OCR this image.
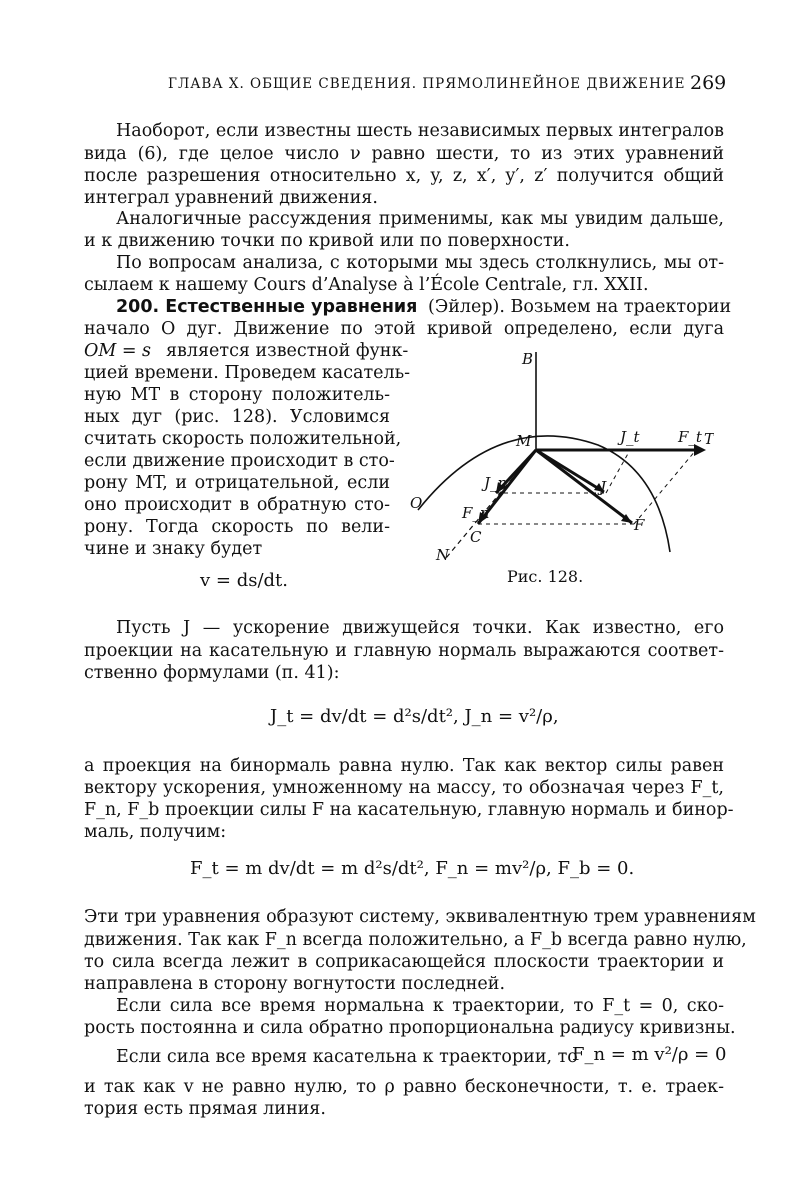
ГЛАВА X. ОБЩИЕ СВЕДЕНИЯ. ПРЯМОЛИНЕЙНОЕ ДВИЖЕНИЕ 269
Наоборот, если известны шесть независимых первых интегралов
вида (6), где целое число ν равно шести, то из этих уравнений
после разрешения относительно x, y, z, x′, y′, z′ получится общий
интеграл уравнений движения.
Аналогичные рассуждения применимы, как мы увидим дальше,
и к движению точки по кривой или по поверхности.
По вопросам анализа, с которыми мы здесь столкнулись, мы от-
сылаем к нашему Cours d’Analyse à l’École Centrale, гл. XXII.
200. Естественные уравнения (Эйлер). Возьмем на траектории
начало O дуг. Движение по этой кривой определено, если дуга
OM = s является известной функ-
цией времени. Проведем касатель-
ную MT в сторону положитель-
ных дуг (рис. 128). Условимся
считать скорость положительной,
если движение происходит в сто-
рону MT, и отрицательной, если
оно происходит в обратную сто-
рону. Тогда скорость по вели-
чине и знаку будет
v = ds/dt.
B
M	J_t	F_t T
J_n	J
F_n
F
C
O
N
Рис. 128.
Пусть J — ускорение движущейся точки. Как известно, его
проекции на касательную и главную нормаль выражаются соответ-
ственно формулами (п. 41):
J_t = dv/dt = d²s/dt², J_n = v²/ρ,
а проекция на бинормаль равна нулю. Так как вектор силы равен
вектору ускорения, умноженному на массу, то обозначая через F_t,
F_n, F_b проекции силы F на касательную, главную нормаль и бинор-
маль, получим:
F_t = m dv/dt = m d²s/dt², F_n = mv²/ρ, F_b = 0.
Эти три уравнения образуют систему, эквивалентную трем уравнениям
движения. Так как F_n всегда положительно, а F_b всегда равно нулю,
то сила всегда лежит в соприкасающейся плоскости траектории и
направлена в сторону вогнутости последней.
Если сила все время нормальна к траектории, то F_t = 0, ско-
рость постоянна и сила обратно пропорциональна радиусу кривизны.
Если сила все время касательна к траектории, то
F_n = m v²/ρ = 0
и так как v не равно нулю, то ρ равно бесконечности, т. е. траек-
тория есть прямая линия.
